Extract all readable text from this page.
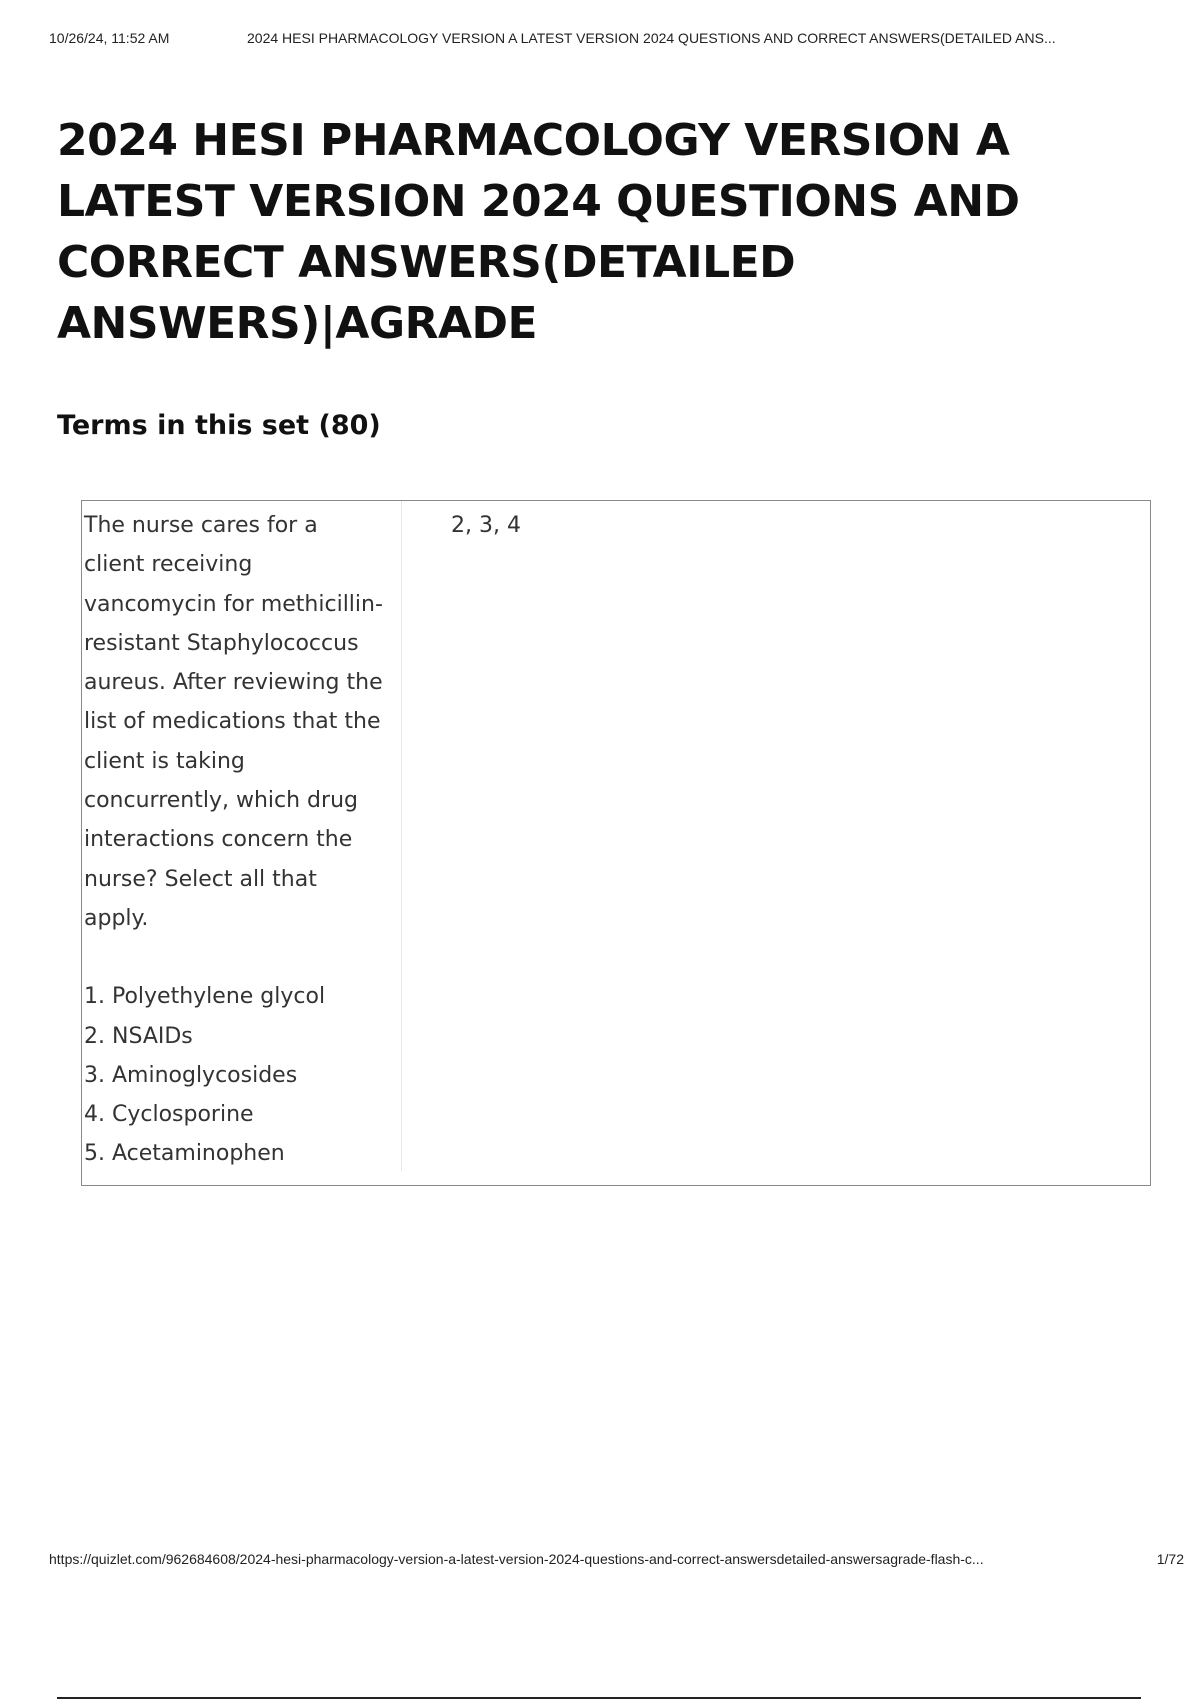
10/26/24, 11:52 AM	2024 HESI PHARMACOLOGY VERSION A LATEST VERSION 2024 QUESTIONS AND CORRECT ANSWERS(DETAILED ANS...
2024 HESI PHARMACOLOGY VERSION A LATEST VERSION 2024 QUESTIONS AND CORRECT ANSWERS(DETAILED ANSWERS)|AGRADE
Terms in this set (80)
The nurse cares for a client receiving vancomycin for methicillin-resistant Staphylococcus aureus. After reviewing the list of medications that the client is taking concurrently, which drug interactions concern the nurse? Select all that apply.
1. Polyethylene glycol
2. NSAIDs
3. Aminoglycosides
4. Cyclosporine
5. Acetaminophen
2, 3, 4
https://quizlet.com/962684608/2024-hesi-pharmacology-version-a-latest-version-2024-questions-and-correct-answersdetailed-answersagrade-flash-c...	1/72
